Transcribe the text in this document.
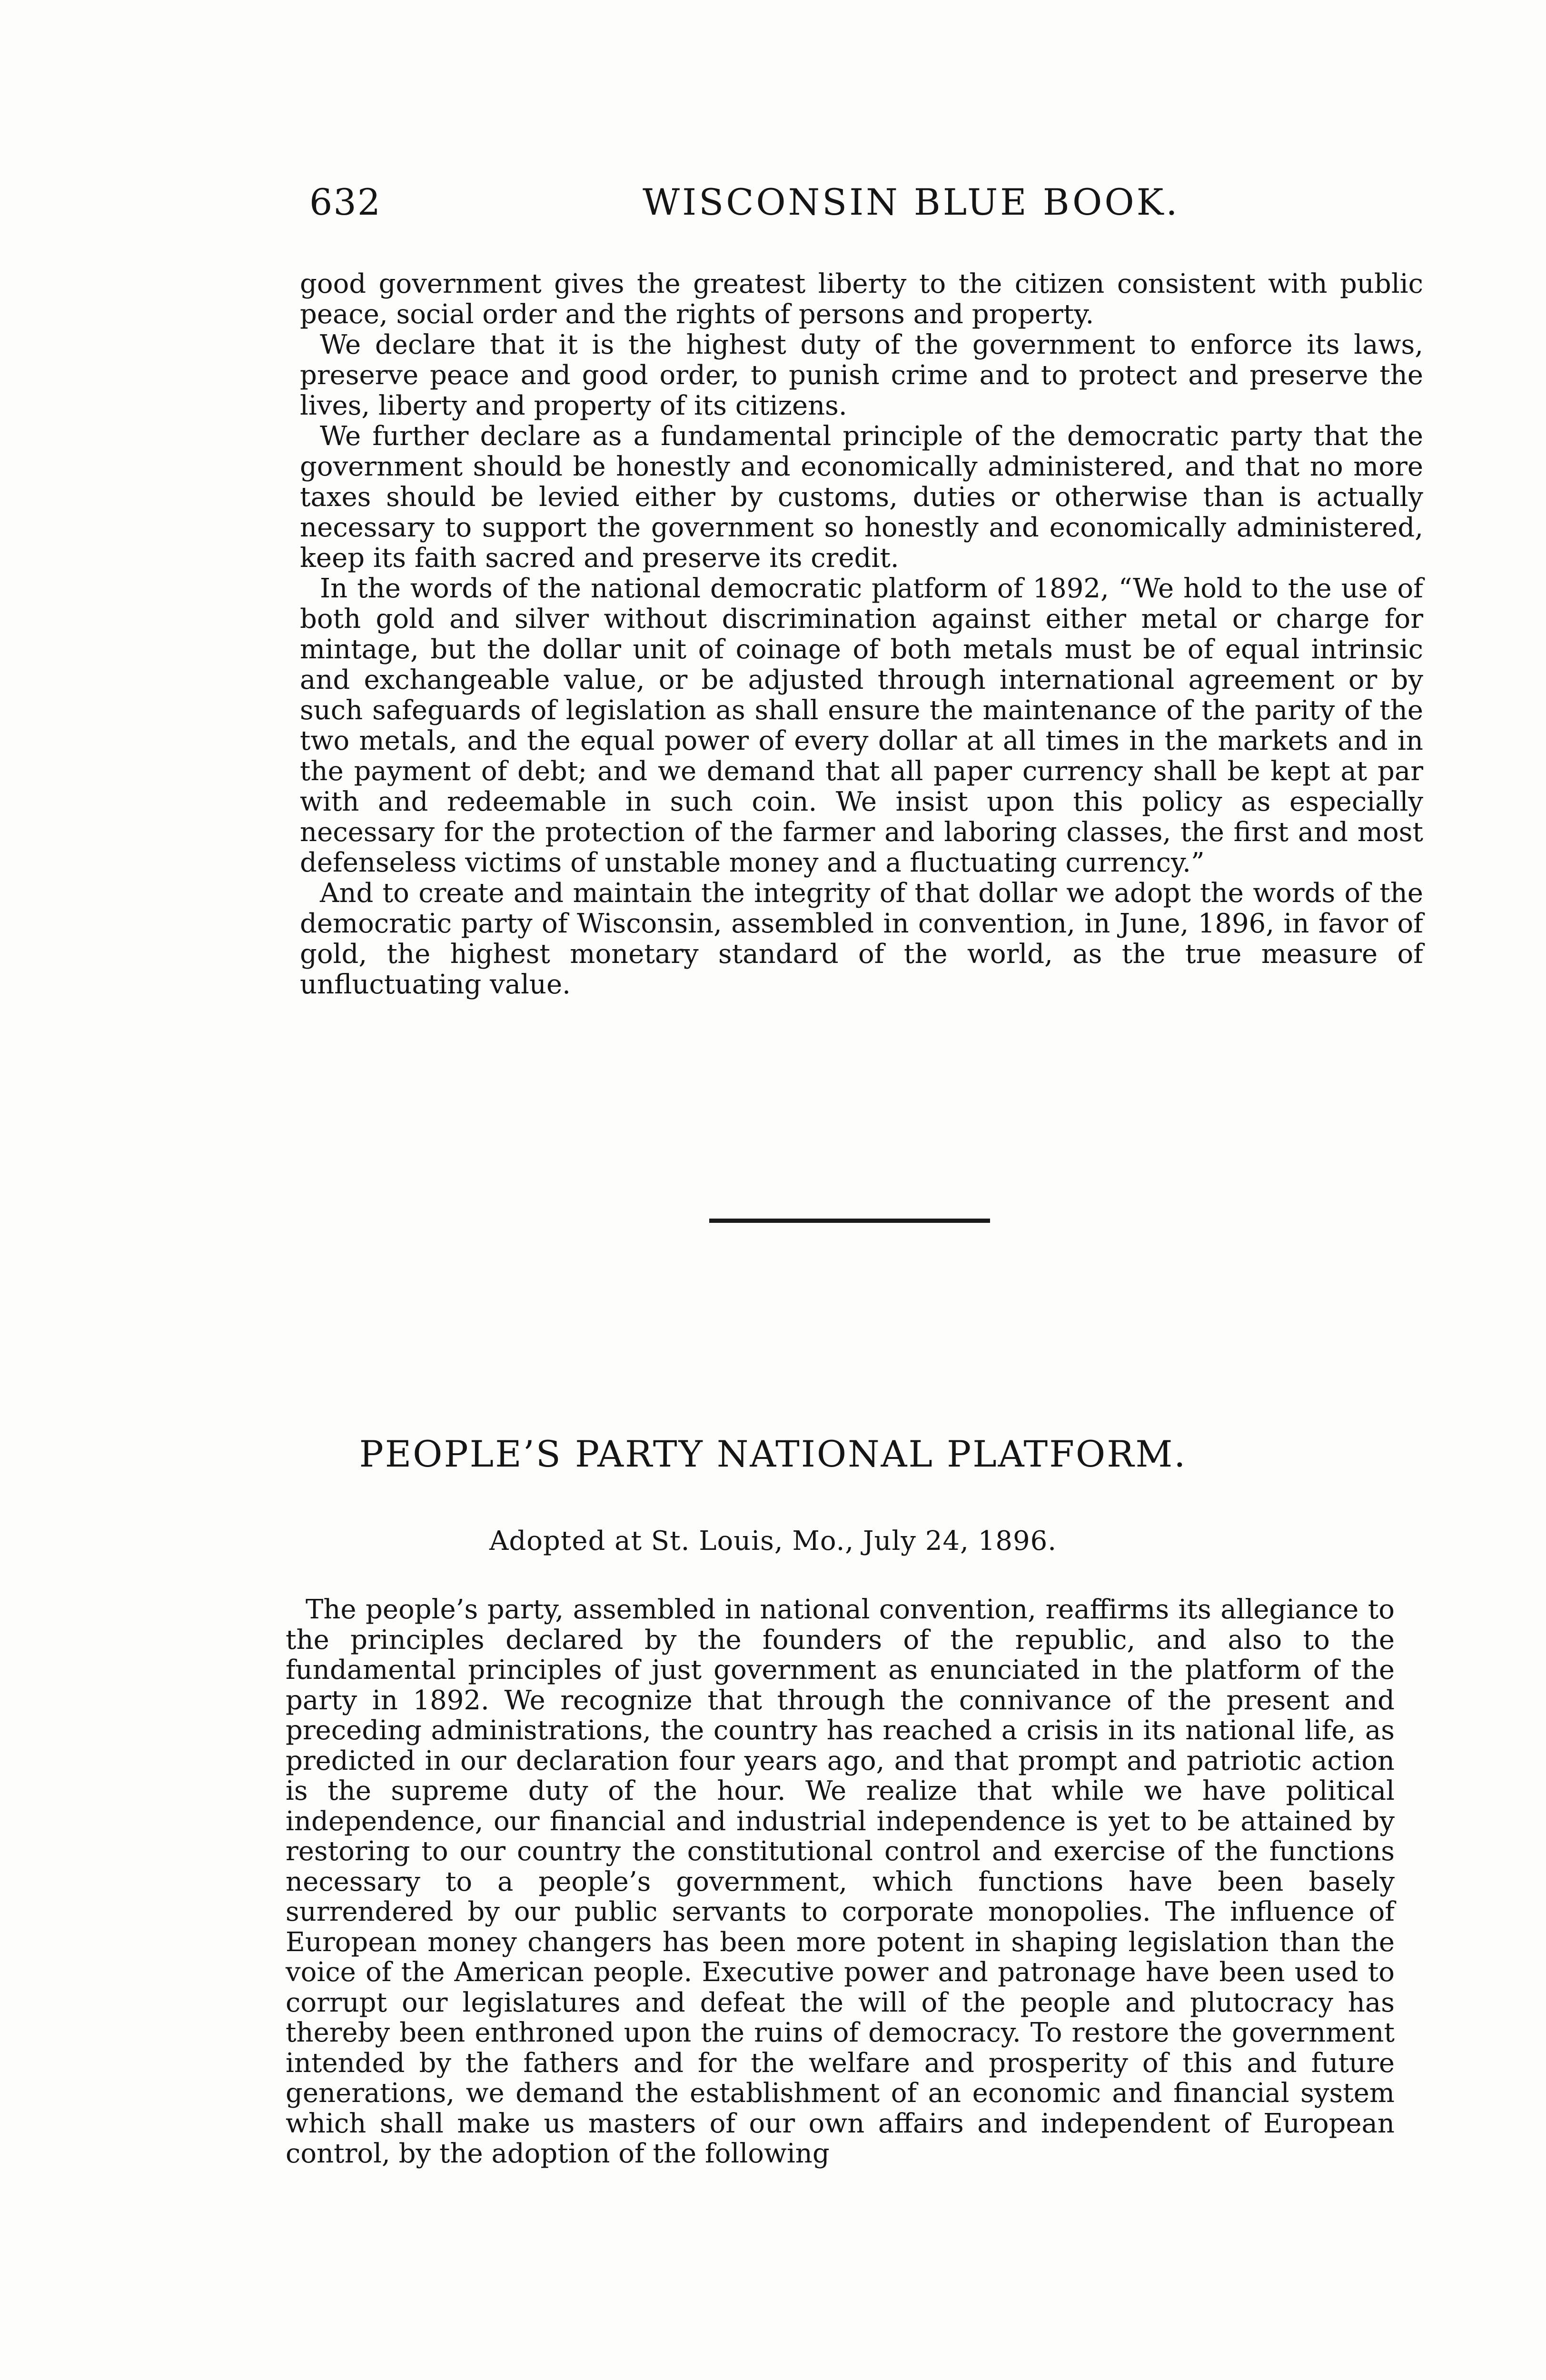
632	WISCONSIN BLUE BOOK.

good government gives the greatest liberty to the citizen consistent with public peace, social order and the rights of persons and property.

We declare that it is the highest duty of the government to enforce its laws, preserve peace and good order, to punish crime and to protect and preserve the lives, liberty and property of its citizens.

We further declare as a fundamental principle of the democratic party that the government should be honestly and economically administered, and that no more taxes should be levied either by customs, duties or otherwise than is actually necessary to support the government so honestly and economically administered, keep its faith sacred and preserve its credit.

In the words of the national democratic platform of 1892, “We hold to the use of both gold and silver without discrimination against either metal or charge for mintage, but the dollar unit of coinage of both metals must be of equal intrinsic and exchangeable value, or be adjusted through international agreement or by such safeguards of legislation as shall ensure the maintenance of the parity of the two metals, and the equal power of every dollar at all times in the markets and in the payment of debt; and we demand that all paper currency shall be kept at par with and redeemable in such coin. We insist upon this policy as especially necessary for the protection of the farmer and laboring classes, the first and most defenseless victims of unstable money and a fluctuating currency.”

And to create and maintain the integrity of that dollar we adopt the words of the democratic party of Wisconsin, assembled in convention, in June, 1896, in favor of gold, the highest monetary standard of the world, as the true measure of unfluctuating value.

PEOPLE’S PARTY NATIONAL PLATFORM.
Adopted at St. Louis, Mo., July 24, 1896.

The people’s party, assembled in national convention, reaffirms its allegiance to the principles declared by the founders of the republic, and also to the fundamental principles of just government as enunciated in the platform of the party in 1892. We recognize that through the connivance of the present and preceding administrations, the country has reached a crisis in its national life, as predicted in our declaration four years ago, and that prompt and patriotic action is the supreme duty of the hour. We realize that while we have political independence, our financial and industrial independence is yet to be attained by restoring to our country the constitutional control and exercise of the functions necessary to a people’s government, which functions have been basely surrendered by our public servants to corporate monopolies. The influence of European money changers has been more potent in shaping legislation than the voice of the American people. Executive power and patronage have been used to corrupt our legislatures and defeat the will of the people and plutocracy has thereby been enthroned upon the ruins of democracy. To restore the government intended by the fathers and for the welfare and prosperity of this and future generations, we demand the establishment of an economic and financial system which shall make us masters of our own affairs and independent of European control, by the adoption of the following
